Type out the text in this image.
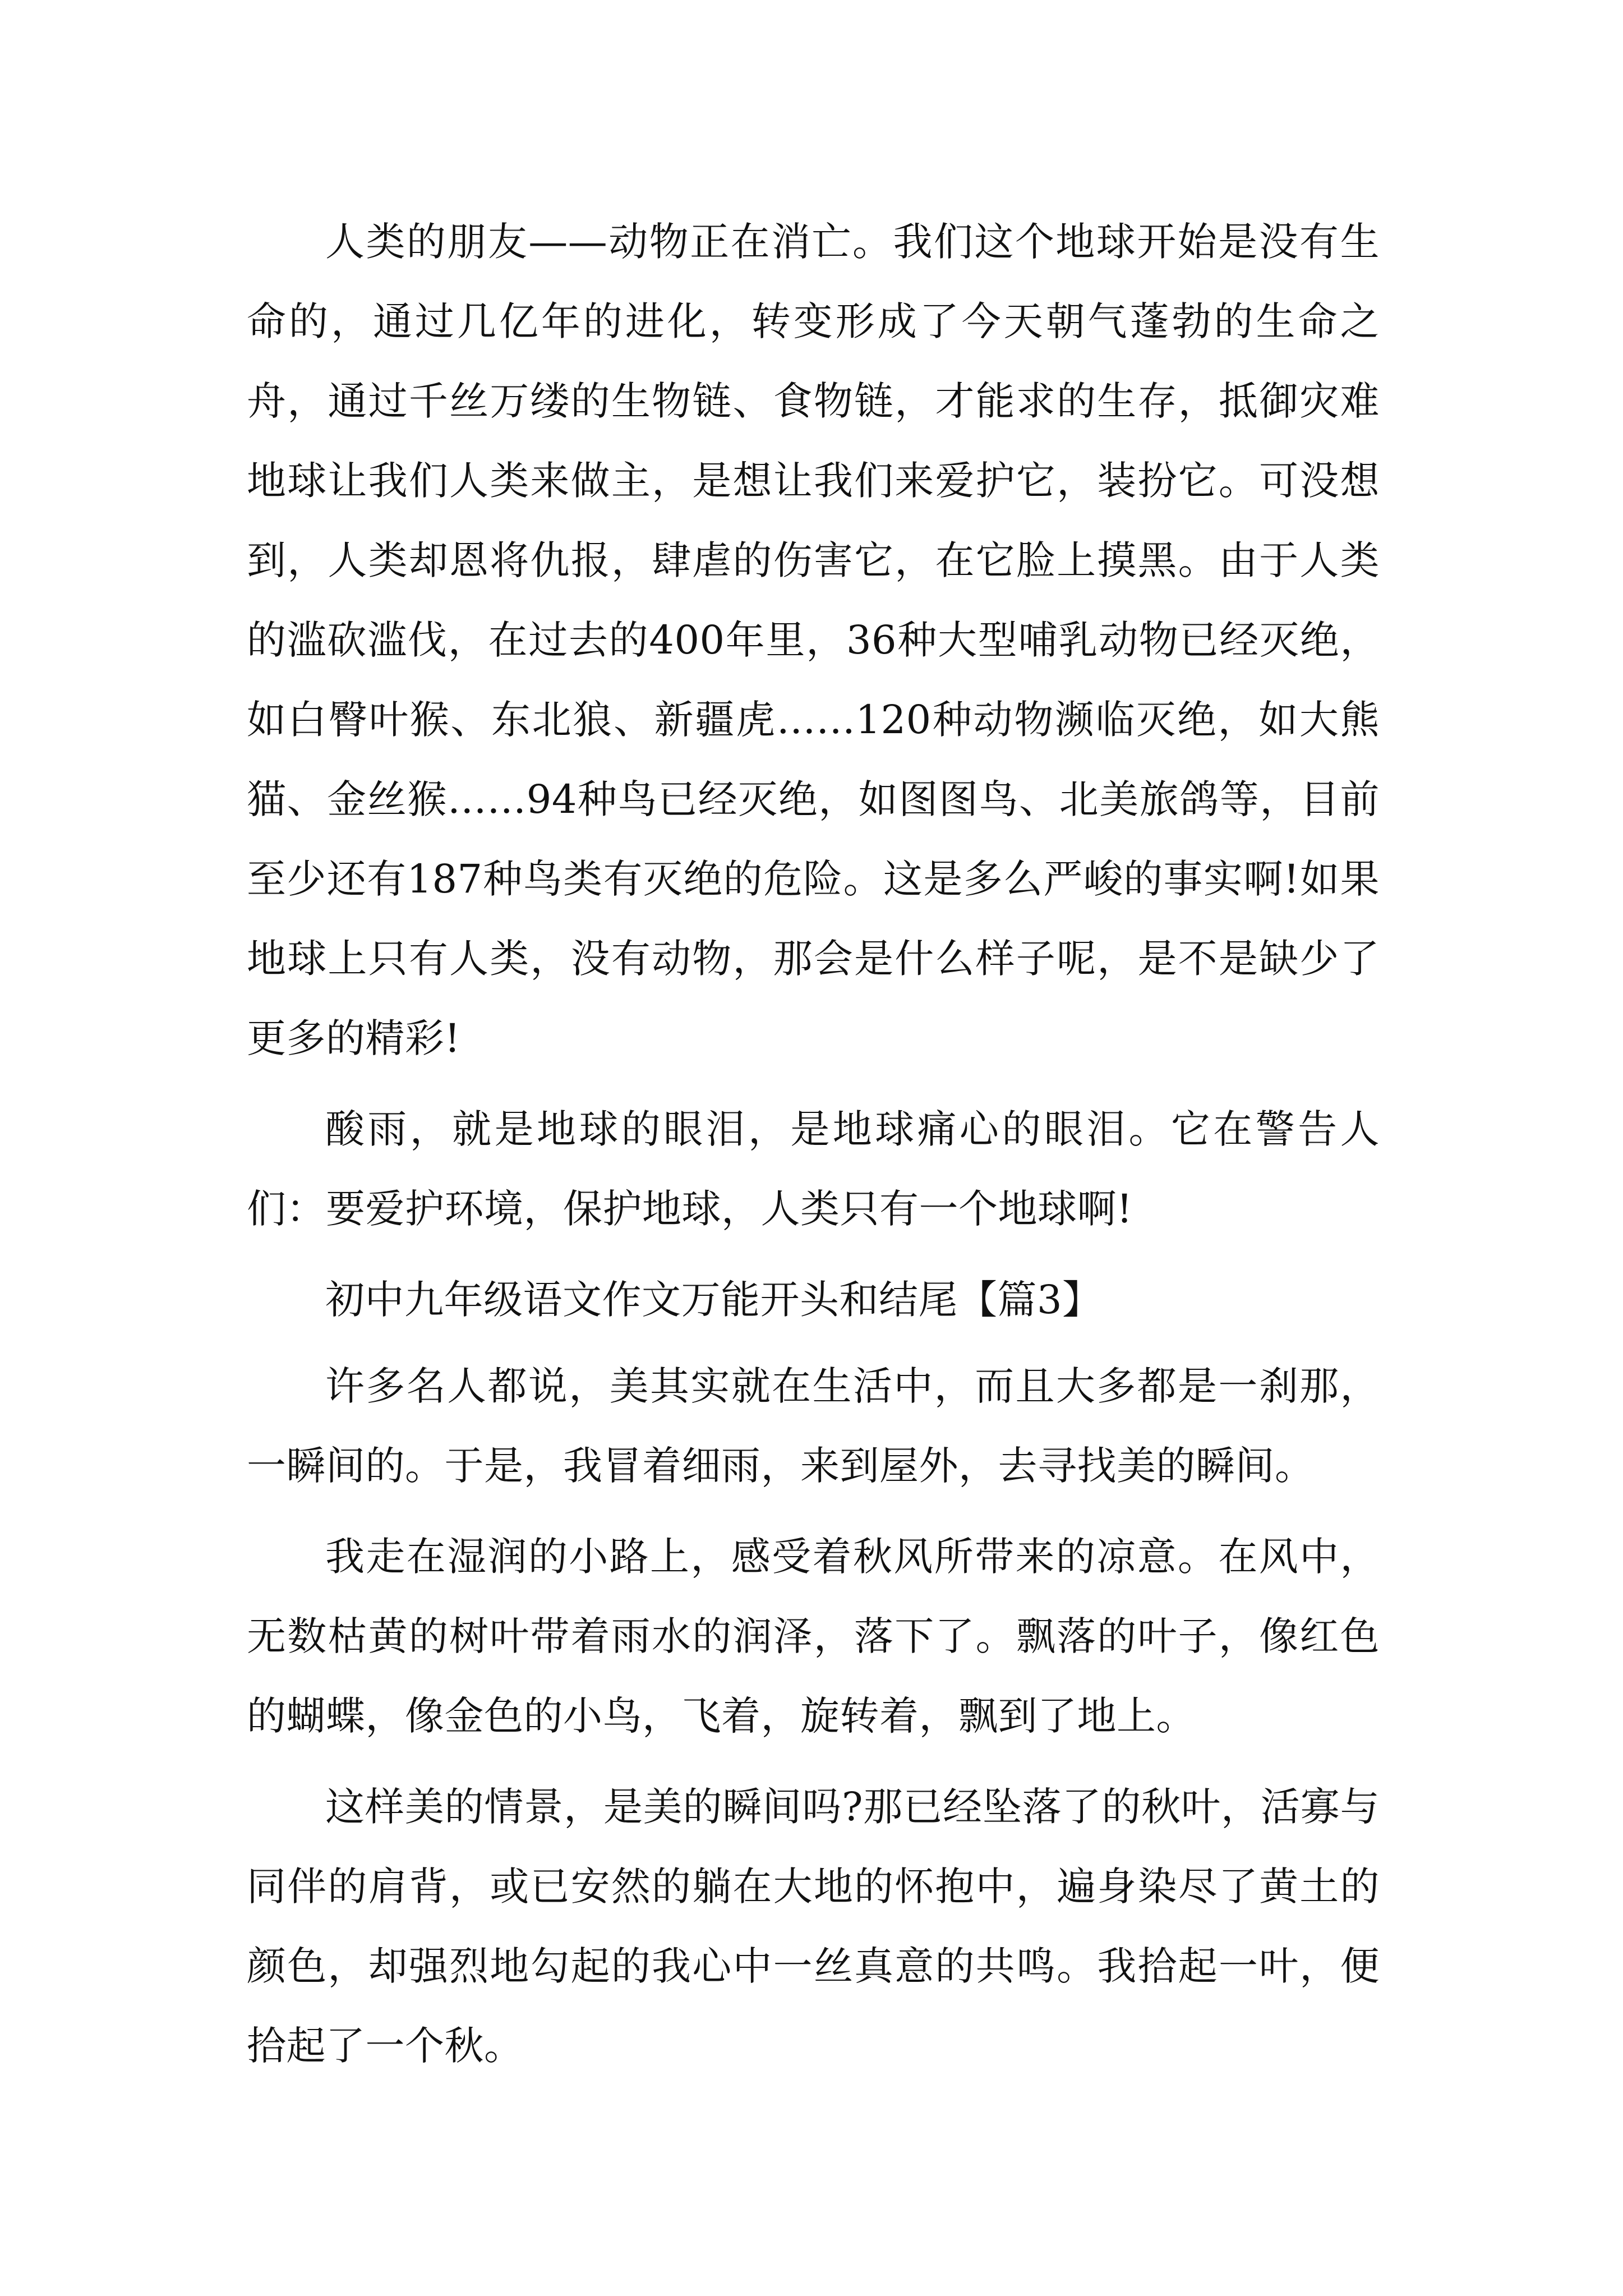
人类的朋友——动物正在消亡。我们这个地球开始是没有生命的，通过几亿年的进化，转变形成了今天朝气蓬勃的生命之舟，通过千丝万缕的生物链、食物链，才能求的生存，抵御灾难地球让我们人类来做主，是想让我们来爱护它，装扮它。可没想到，人类却恩将仇报，肆虐的伤害它，在它脸上摸黑。由于人类的滥砍滥伐，在过去的400年里，36种大型哺乳动物已经灭绝，如白臀叶猴、东北狼、新疆虎……120种动物濒临灭绝，如大熊猫、金丝猴……94种鸟已经灭绝，如图图鸟、北美旅鸽等，目前至少还有187种鸟类有灭绝的危险。这是多么严峻的事实啊!如果地球上只有人类，没有动物，那会是什么样子呢，是不是缺少了更多的精彩!

酸雨，就是地球的眼泪，是地球痛心的眼泪。它在警告人们：要爱护环境，保护地球，人类只有一个地球啊!

初中九年级语文作文万能开头和结尾【篇3】

许多名人都说，美其实就在生活中，而且大多都是一刹那，一瞬间的。于是，我冒着细雨，来到屋外，去寻找美的瞬间。

我走在湿润的小路上，感受着秋风所带来的凉意。在风中，无数枯黄的树叶带着雨水的润泽，落下了。飘落的叶子，像红色的蝴蝶，像金色的小鸟，飞着，旋转着，飘到了地上。

这样美的情景，是美的瞬间吗?那已经坠落了的秋叶，活寡与同伴的肩背，或已安然的躺在大地的怀抱中，遍身染尽了黄土的颜色，却强烈地勾起的我心中一丝真意的共鸣。我拾起一叶，便拾起了一个秋。
